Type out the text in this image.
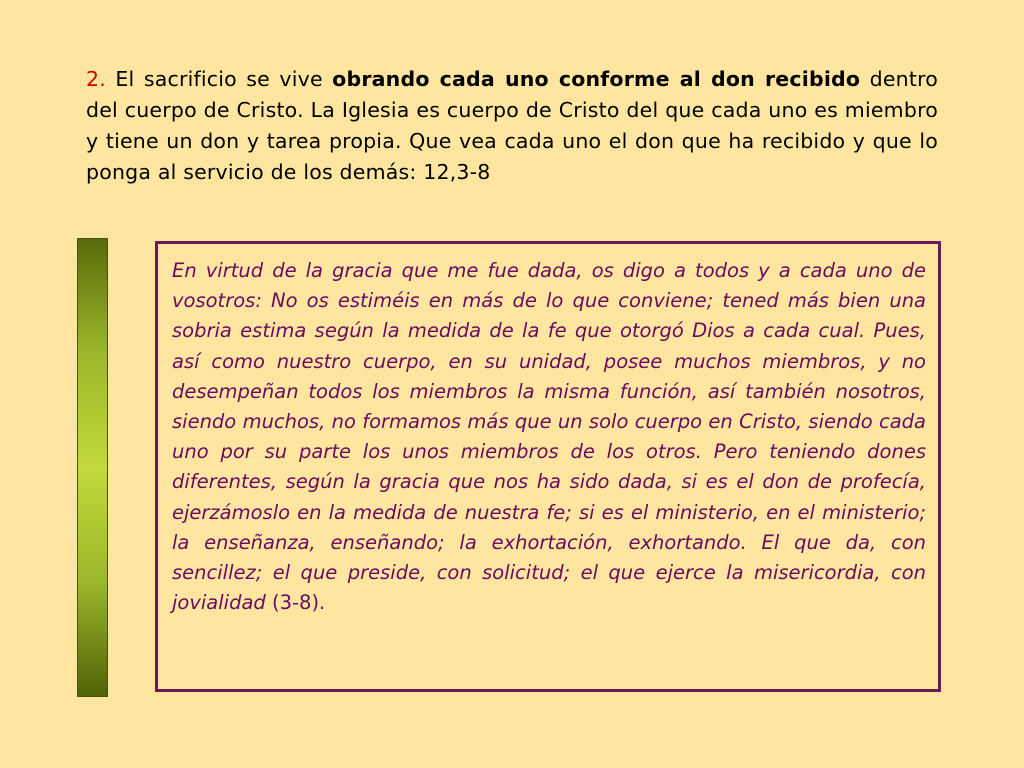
2. El sacrificio se vive obrando cada uno conforme al don recibido dentro del cuerpo de Cristo. La Iglesia es cuerpo de Cristo del que cada uno es miembro y tiene un don y tarea propia. Que vea cada uno el don que ha recibido y que lo ponga al servicio de los demás: 12,3-8

En virtud de la gracia que me fue dada, os digo a todos y a cada uno de vosotros: No os estiméis en más de lo que conviene; tened más bien una sobria estima según la medida de la fe que otorgó Dios a cada cual. Pues, así como nuestro cuerpo, en su unidad, posee muchos miembros, y no desempeñan todos los miembros la misma función, así también nosotros, siendo muchos, no formamos más que un solo cuerpo en Cristo, siendo cada uno por su parte los unos miembros de los otros. Pero teniendo dones diferentes, según la gracia que nos ha sido dada, si es el don de profecía, ejerzámoslo en la medida de nuestra fe; si es el ministerio, en el ministerio; la enseñanza, enseñando; la exhortación, exhortando. El que da, con sencillez; el que preside, con solicitud; el que ejerce la misericordia, con jovialidad (3-8).
